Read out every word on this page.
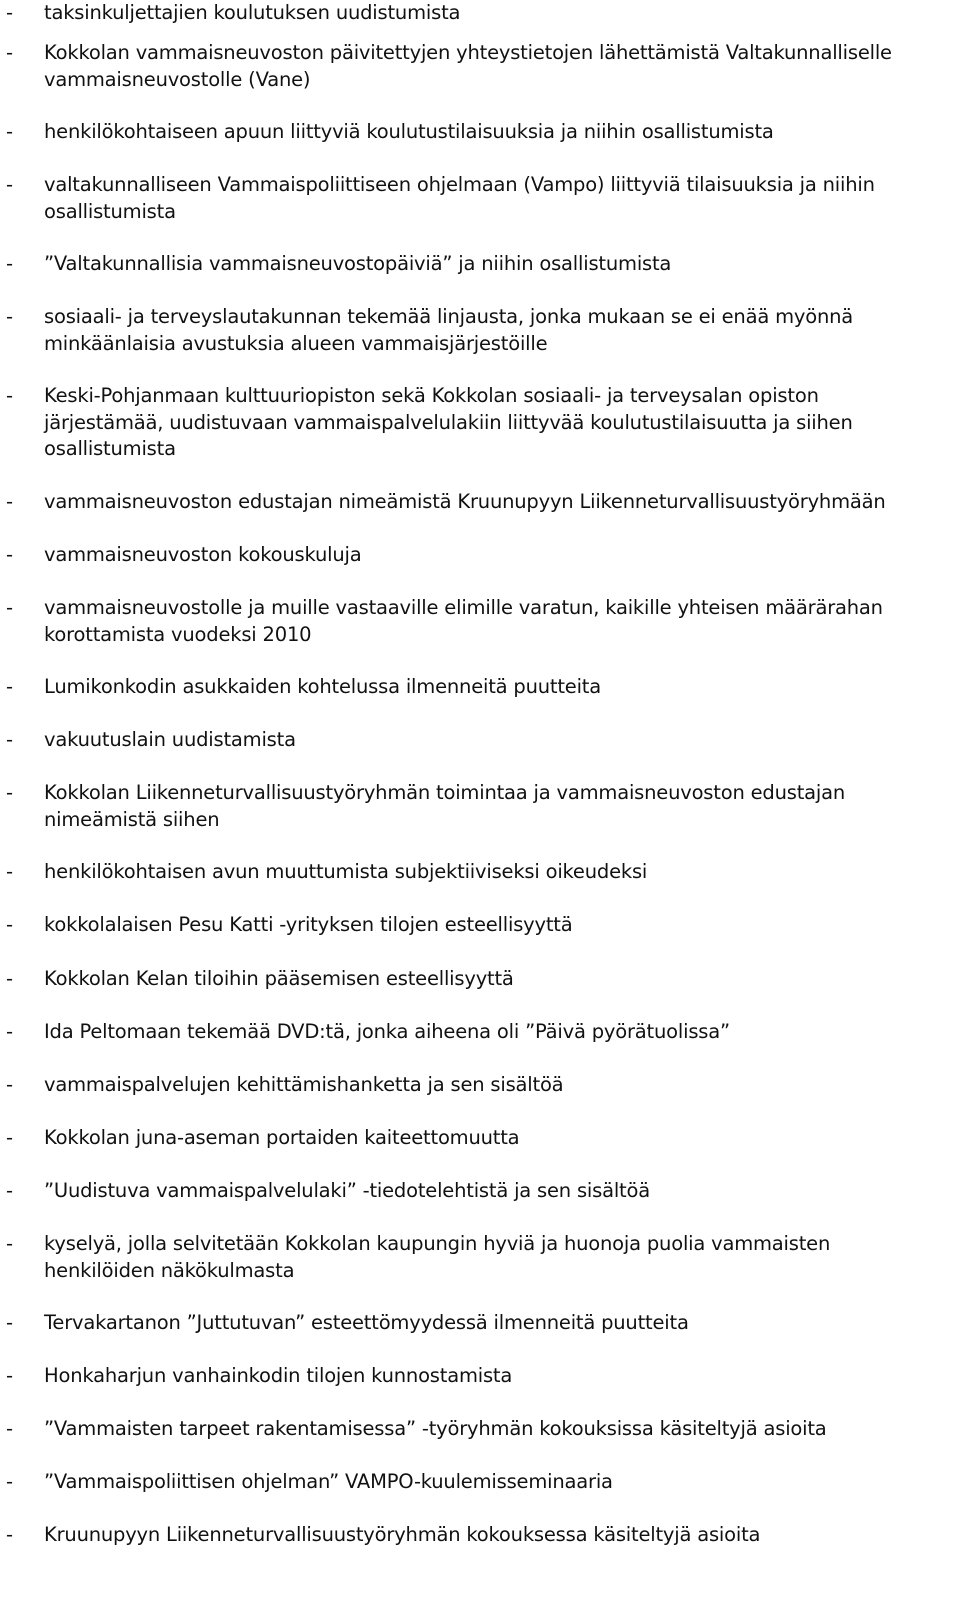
- taksinkuljettajien koulutuksen uudistumista
- Kokkolan vammaisneuvoston päivitettyjen yhteystietojen lähettämistä Valtakunnalliselle vammaisneuvostolle (Vane)
- henkilökohtaiseen apuun liittyviä koulutustilaisuuksia ja niihin osallistumista
- valtakunnalliseen Vammaispoliittiseen ohjelmaan (Vampo) liittyviä tilaisuuksia ja niihin osallistumista
- ”Valtakunnallisia vammaisneuvostopäiviä” ja niihin osallistumista
- sosiaali- ja terveyslautakunnan tekemää linjausta, jonka mukaan se ei enää myönnä minkäänlaisia avustuksia alueen vammaisjärjestöille
- Keski-Pohjanmaan kulttuuriopiston sekä Kokkolan sosiaali- ja terveysalan opiston järjestämää, uudistuvaan vammaispalvelulakiin liittyvää koulutustilaisuutta ja siihen osallistumista
- vammaisneuvoston edustajan nimeämistä Kruunupyyn Liikenneturvallisuustyöryhmään
- vammaisneuvoston kokouskuluja
- vammaisneuvostolle ja muille vastaaville elimille varatun, kaikille yhteisen määrärahan korottamista vuodeksi 2010
- Lumikonkodin asukkaiden kohtelussa ilmenneitä puutteita
- vakuutuslain uudistamista
- Kokkolan Liikenneturvallisuustyöryhmän toimintaa ja vammaisneuvoston edustajan nimeämistä siihen
- henkilökohtaisen avun muuttumista subjektiiviseksi oikeudeksi
- kokkolalaisen Pesu Katti -yrityksen tilojen esteellisyyttä
- Kokkolan Kelan tiloihin pääsemisen esteellisyyttä
- Ida Peltomaan tekemää DVD:tä, jonka aiheena oli ”Päivä pyörätuolissa”
- vammaispalvelujen kehittämishanketta ja sen sisältöä
- Kokkolan juna-aseman portaiden kaiteettomuutta
- ”Uudistuva vammaispalvelulaki” -tiedotelehtistä ja sen sisältöä
- kyselyä, jolla selvitetään Kokkolan kaupungin hyviä ja huonoja puolia vammaisten henkilöiden näkökulmasta
- Tervakartanon ”Juttutuvan” esteettömyydessä ilmenneitä puutteita
- Honkaharjun vanhainkodin tilojen kunnostamista
- ”Vammaisten tarpeet rakentamisessa” -työryhmän kokouksissa käsiteltyjä asioita
- ”Vammaispoliittisen ohjelman” VAMPO-kuulemisseminaaria
- Kruunupyyn Liikenneturvallisuustyöryhmän kokouksessa käsiteltyjä asioita
